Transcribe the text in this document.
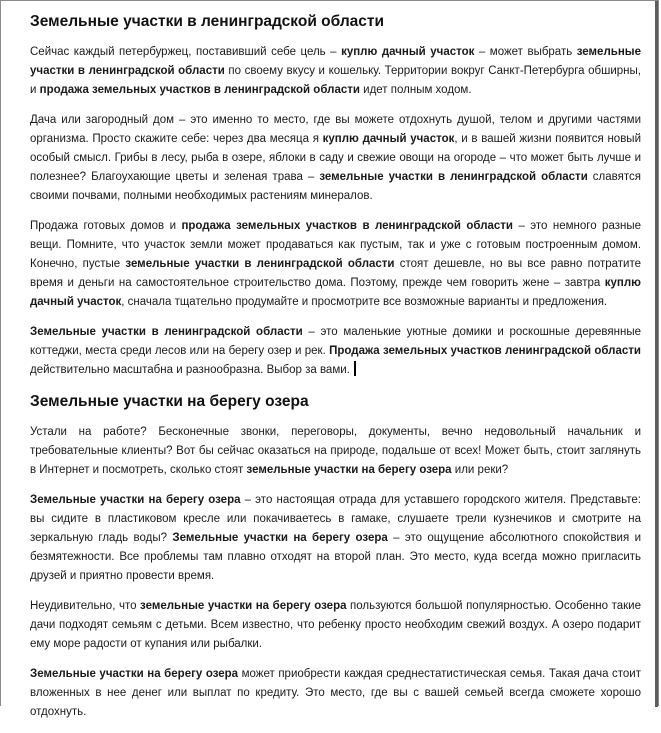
Земельные участки в ленинградской области

Сейчас каждый петербуржец, поставивший себе цель – куплю дачный участок – может выбрать земельные участки в ленинградской области по своему вкусу и кошельку. Территории вокруг Санкт-Петербурга обширны, и продажа земельных участков в ленинградской области идет полным ходом.

Дача или загородный дом – это именно то место, где вы можете отдохнуть душой, телом и другими частями организма. Просто скажите себе: через два месяца я куплю дачный участок, и в вашей жизни появится новый особый смысл. Грибы в лесу, рыба в озере, яблоки в саду и свежие овощи на огороде – что может быть лучше и полезнее? Благоухающие цветы и зеленая трава – земельные участки в ленинградской области славятся своими почвами, полными необходимых растениям минералов.

Продажа готовых домов и продажа земельных участков в ленинградской области – это немного разные вещи. Помните, что участок земли может продаваться как пустым, так и уже с готовым построенным домом. Конечно, пустые земельные участки в ленинградской области стоят дешевле, но вы все равно потратите время и деньги на самостоятельное строительство дома. Поэтому, прежде чем говорить жене – завтра куплю дачный участок, сначала тщательно продумайте и просмотрите все возможные варианты и предложения.

Земельные участки в ленинградской области – это маленькие уютные домики и роскошные деревянные коттеджи, места среди лесов или на берегу озер и рек. Продажа земельных участков ленинградской области действительно масштабна и разнообразна. Выбор за вами.

Земельные участки на берегу озера

Устали на работе? Бесконечные звонки, переговоры, документы, вечно недовольный начальник и требовательные клиенты? Вот бы сейчас оказаться на природе, подальше от всех! Может быть, стоит заглянуть в Интернет и посмотреть, сколько стоят земельные участки на берегу озера или реки?

Земельные участки на берегу озера – это настоящая отрада для уставшего городского жителя. Представьте: вы сидите в пластиковом кресле или покачиваетесь в гамаке, слушаете трели кузнечиков и смотрите на зеркальную гладь воды? Земельные участки на берегу озера – это ощущение абсолютного спокойствия и безмятежности. Все проблемы там плавно отходят на второй план. Это место, куда всегда можно пригласить друзей и приятно провести время.

Неудивительно, что земельные участки на берегу озера пользуются большой популярностью. Особенно такие дачи подходят семьям с детьми. Всем известно, что ребенку просто необходим свежий воздух. А озеро подарит ему море радости от купания или рыбалки.

Земельные участки на берегу озера может приобрести каждая среднестатистическая семья. Такая дача стоит вложенных в нее денег или выплат по кредиту. Это место, где вы с вашей семьей всегда сможете хорошо отдохнуть.
